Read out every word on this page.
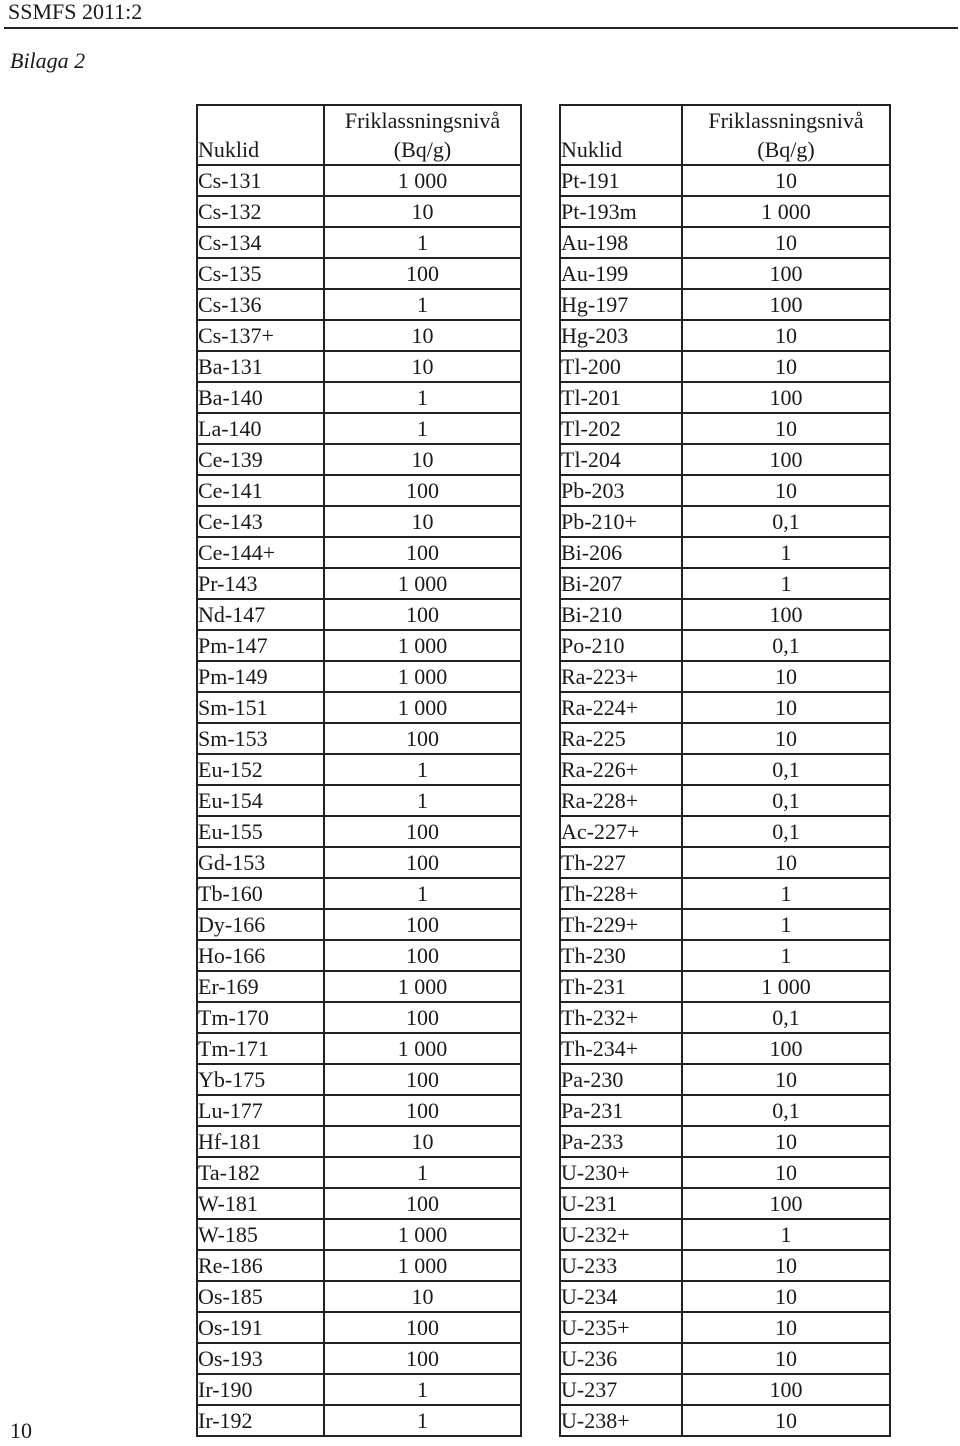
SSMFS 2011:2
Bilaga 2
Nuklid	Friklassningsnivå
(Bq/g)
Cs-131	1 000
Cs-132	10
Cs-134	1
Cs-135	100
Cs-136	1
Cs-137+	10
Ba-131	10
Ba-140	1
La-140	1
Ce-139	10
Ce-141	100
Ce-143	10
Ce-144+	100
Pr-143	1 000
Nd-147	100
Pm-147	1 000
Pm-149	1 000
Sm-151	1 000
Sm-153	100
Eu-152	1
Eu-154	1
Eu-155	100
Gd-153	100
Tb-160	1
Dy-166	100
Ho-166	100
Er-169	1 000
Tm-170	100
Tm-171	1 000
Yb-175	100
Lu-177	100
Hf-181	10
Ta-182	1
W-181	100
W-185	1 000
Re-186	1 000
Os-185	10
Os-191	100
Os-193	100
Ir-190	1
Ir-192	1
Nuklid	Friklassningsnivå
(Bq/g)
Pt-191	10
Pt-193m	1 000
Au-198	10
Au-199	100
Hg-197	100
Hg-203	10
Tl-200	10
Tl-201	100
Tl-202	10
Tl-204	100
Pb-203	10
Pb-210+	0,1
Bi-206	1
Bi-207	1
Bi-210	100
Po-210	0,1
Ra-223+	10
Ra-224+	10
Ra-225	10
Ra-226+	0,1
Ra-228+	0,1
Ac-227+	0,1
Th-227	10
Th-228+	1
Th-229+	1
Th-230	1
Th-231	1 000
Th-232+	0,1
Th-234+	100
Pa-230	10
Pa-231	0,1
Pa-233	10
U-230+	10
U-231	100
U-232+	1
U-233	10
U-234	10
U-235+	10
U-236	10
U-237	100
U-238+	10
10
